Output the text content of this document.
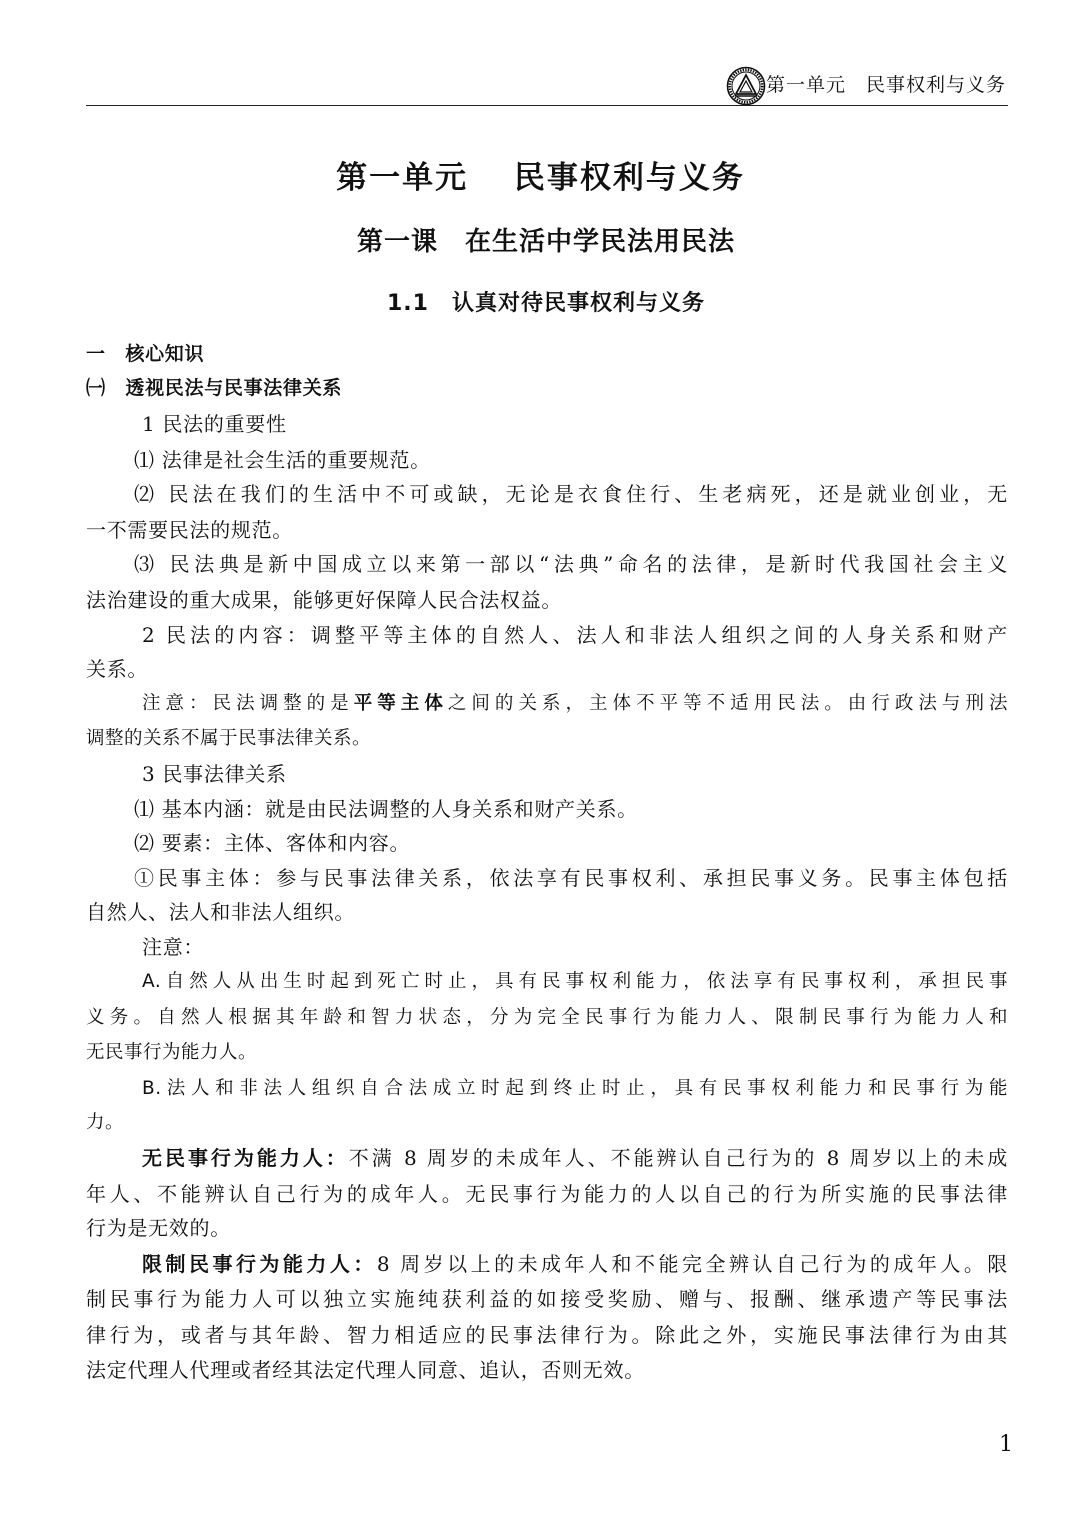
第一单元　民事权利与义务
第一单元　 民事权利与义务
第一课　在生活中学民法用民法
1.1　认真对待民事权利与义务
一　核心知识
㈠　透视民法与民事法律关系
1 民法的重要性
⑴ 法律是社会生活的重要规范。
⑵ 民法在我们的生活中不可或缺，无论是衣食住行、生老病死，还是就业创业，无
一不需要民法的规范。
⑶ 民法典是新中国成立以来第一部以“法典”命名的法律，是新时代我国社会主义
法治建设的重大成果，能够更好保障人民合法权益。
2 民法的内容：调整平等主体的自然人、法人和非法人组织之间的人身关系和财产
关系。
注意：民法调整的是平等主体之间的关系，主体不平等不适用民法。由行政法与刑法
调整的关系不属于民事法律关系。
3 民事法律关系
⑴ 基本内涵：就是由民法调整的人身关系和财产关系。
⑵ 要素：主体、客体和内容。
①民事主体：参与民事法律关系，依法享有民事权利、承担民事义务。民事主体包括
自然人、法人和非法人组织。
注意：
A.自然人从出生时起到死亡时止，具有民事权利能力，依法享有民事权利，承担民事
义务。自然人根据其年龄和智力状态，分为完全民事行为能力人、限制民事行为能力人和
无民事行为能力人。
B.法人和非法人组织自合法成立时起到终止时止，具有民事权利能力和民事行为能
力。
无民事行为能力人：不满 8 周岁的未成年人、不能辨认自己行为的 8 周岁以上的未成
年人、不能辨认自己行为的成年人。无民事行为能力的人以自己的行为所实施的民事法律
行为是无效的。
限制民事行为能力人：8 周岁以上的未成年人和不能完全辨认自己行为的成年人。限
制民事行为能力人可以独立实施纯获利益的如接受奖励、赠与、报酬、继承遗产等民事法
律行为，或者与其年龄、智力相适应的民事法律行为。除此之外，实施民事法律行为由其
法定代理人代理或者经其法定代理人同意、追认，否则无效。
1
